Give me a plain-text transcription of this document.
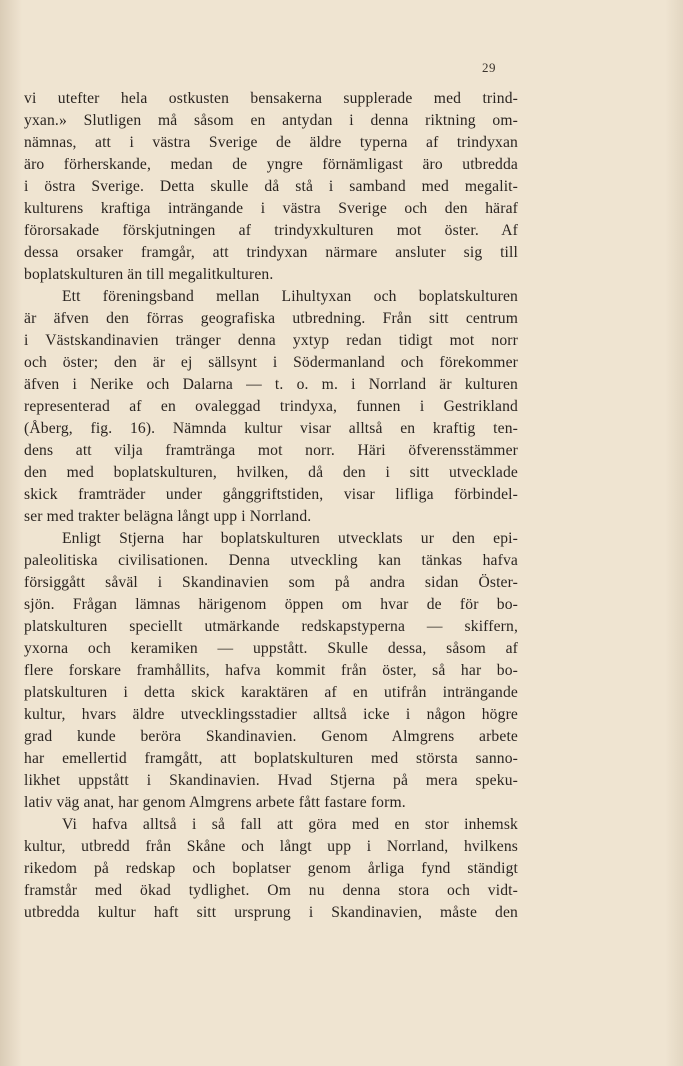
29
vi utefter hela ostkusten bensakerna supplerade med trind-
yxan.» Slutligen må såsom en antydan i denna riktning om-
nämnas, att i västra Sverige de äldre typerna af trindyxan
äro förherskande, medan de yngre förnämligast äro utbredda
i östra Sverige. Detta skulle då stå i samband med megalit-
kulturens kraftiga inträngande i västra Sverige och den häraf
förorsakade förskjutningen af trindyxkulturen mot öster. Af
dessa orsaker framgår, att trindyxan närmare ansluter sig till
boplatskulturen än till megalitkulturen.
Ett föreningsband mellan Lihultyxan och boplatskulturen
är äfven den förras geografiska utbredning. Från sitt centrum
i Västskandinavien tränger denna yxtyp redan tidigt mot norr
och öster; den är ej sällsynt i Södermanland och förekommer
äfven i Nerike och Dalarna — t. o. m. i Norrland är kulturen
representerad af en ovaleggad trindyxa, funnen i Gestrikland
(Åberg, fig. 16). Nämnda kultur visar alltså en kraftig ten-
dens att vilja framtränga mot norr. Häri öfverensstämmer
den med boplatskulturen, hvilken, då den i sitt utvecklade
skick framträder under gånggriftstiden, visar lifliga förbindel-
ser med trakter belägna långt upp i Norrland.
Enligt Stjerna har boplatskulturen utvecklats ur den epi-
paleolitiska civilisationen. Denna utveckling kan tänkas hafva
försiggått såväl i Skandinavien som på andra sidan Öster-
sjön. Frågan lämnas härigenom öppen om hvar de för bo-
platskulturen speciellt utmärkande redskapstyperna — skiffern,
yxorna och keramiken — uppstått. Skulle dessa, såsom af
flere forskare framhållits, hafva kommit från öster, så har bo-
platskulturen i detta skick karaktären af en utifrån inträngande
kultur, hvars äldre utvecklingsstadier alltså icke i någon högre
grad kunde beröra Skandinavien. Genom Almgrens arbete
har emellertid framgått, att boplatskulturen med största sanno-
likhet uppstått i Skandinavien. Hvad Stjerna på mera speku-
lativ väg anat, har genom Almgrens arbete fått fastare form.
Vi hafva alltså i så fall att göra med en stor inhemsk
kultur, utbredd från Skåne och långt upp i Norrland, hvilkens
rikedom på redskap och boplatser genom årliga fynd ständigt
framstår med ökad tydlighet. Om nu denna stora och vidt-
utbredda kultur haft sitt ursprung i Skandinavien, måste den
